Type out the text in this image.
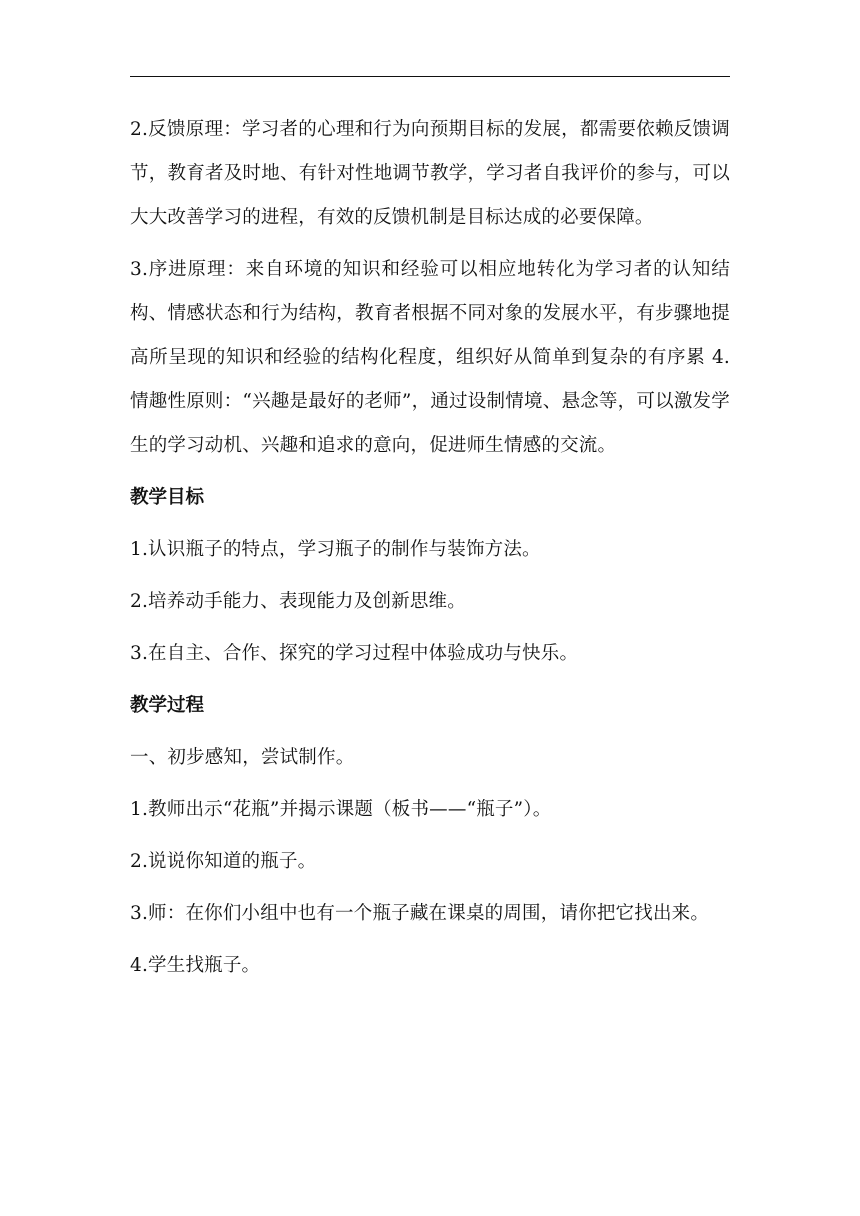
2.反馈原理：学习者的心理和行为向预期目标的发展，都需要依赖反馈调节，教育者及时地、有针对性地调节教学，学习者自我评价的参与，可以大大改善学习的进程，有效的反馈机制是目标达成的必要保障。

3.序进原理：来自环境的知识和经验可以相应地转化为学习者的认知结构、情感状态和行为结构，教育者根据不同对象的发展水平，有步骤地提高所呈现的知识和经验的结构化程度，组织好从简单到复杂的有序累 4.情趣性原则：“兴趣是最好的老师”，通过设制情境、悬念等，可以激发学生的学习动机、兴趣和追求的意向，促进师生情感的交流。

教学目标

1.认识瓶子的特点，学习瓶子的制作与装饰方法。

2.培养动手能力、表现能力及创新思维。

3.在自主、合作、探究的学习过程中体验成功与快乐。

教学过程

一、初步感知，尝试制作。

1.教师出示“花瓶”并揭示课题（板书——“瓶子”）。

2.说说你知道的瓶子。

3.师：在你们小组中也有一个瓶子藏在课桌的周围，请你把它找出来。

4.学生找瓶子。
